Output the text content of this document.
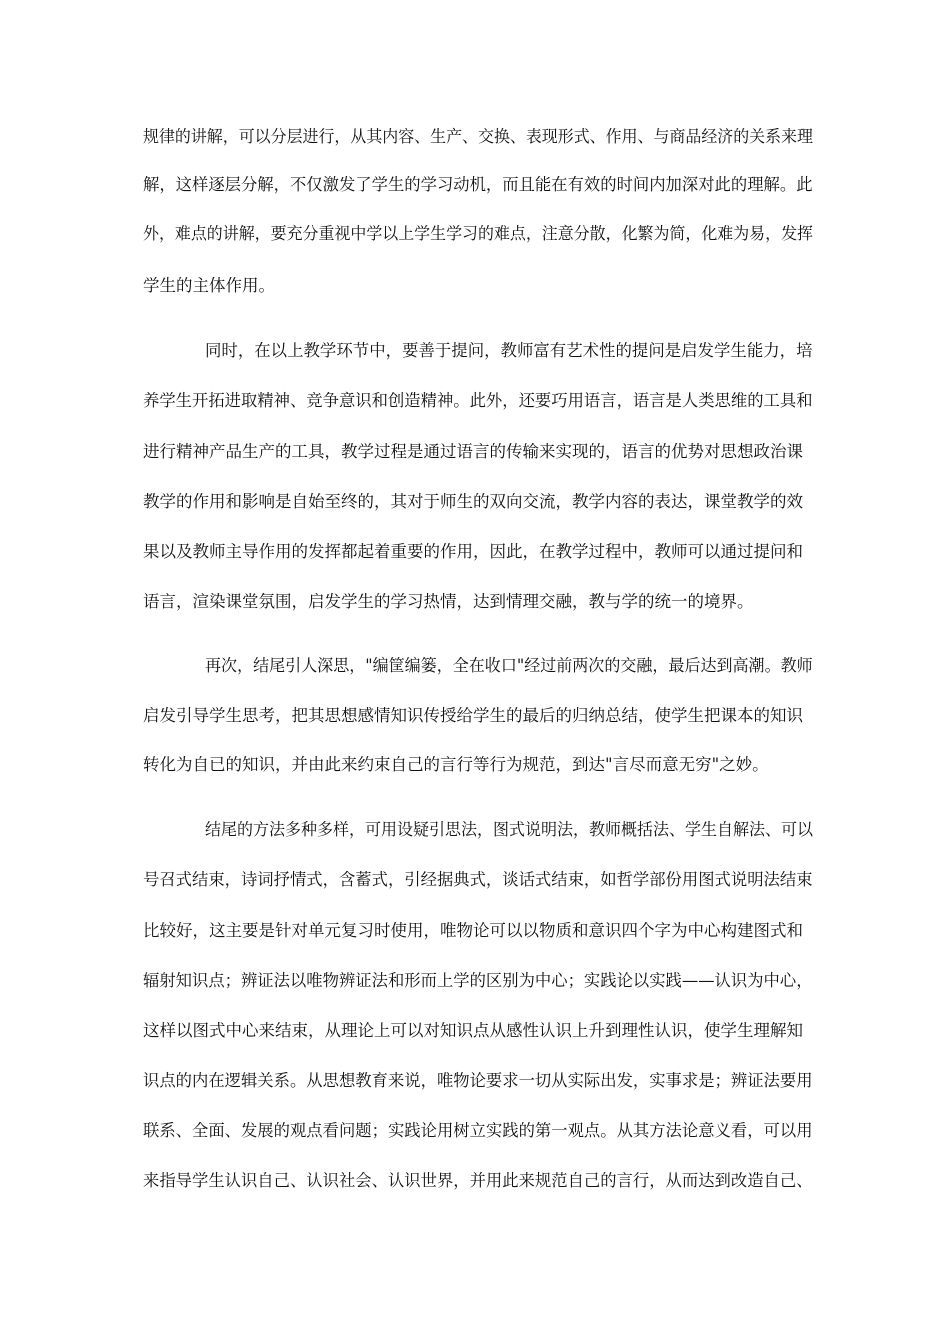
规律的讲解，可以分层进行，从其内容、生产、交换、表现形式、作用、与商品经济的关系来理
解，这样逐层分解，不仅激发了学生的学习动机，而且能在有效的时间内加深对此的理解。此
外，难点的讲解，要充分重视中学以上学生学习的难点，注意分散，化繁为简，化难为易，发挥
学生的主体作用。
同时，在以上教学环节中，要善于提问，教师富有艺术性的提问是启发学生能力，培
养学生开拓进取精神、竞争意识和创造精神。此外，还要巧用语言，语言是人类思维的工具和
进行精神产品生产的工具，教学过程是通过语言的传输来实现的，语言的优势对思想政治课
教学的作用和影响是自始至终的，其对于师生的双向交流，教学内容的表达，课堂教学的效
果以及教师主导作用的发挥都起着重要的作用，因此，在教学过程中，教师可以通过提问和
语言，渲染课堂氛围，启发学生的学习热情，达到情理交融，教与学的统一的境界。
再次，结尾引人深思，"编筐编篓，全在收口"经过前两次的交融，最后达到高潮。教师
启发引导学生思考，把其思想感情知识传授给学生的最后的归纳总结，使学生把课本的知识
转化为自已的知识，并由此来约束自己的言行等行为规范，到达"言尽而意无穷"之妙。
结尾的方法多种多样，可用设疑引思法，图式说明法，教师概括法、学生自解法、可以
号召式结束，诗词抒情式，含蓄式，引经据典式，谈话式结束，如哲学部份用图式说明法结束
比较好，这主要是针对单元复习时使用，唯物论可以以物质和意识四个字为中心构建图式和
辐射知识点；辨证法以唯物辨证法和形而上学的区别为中心；实践论以实践——认识为中心，
这样以图式中心来结束，从理论上可以对知识点从感性认识上升到理性认识，使学生理解知
识点的内在逻辑关系。从思想教育来说，唯物论要求一切从实际出发，实事求是；辨证法要用
联系、全面、发展的观点看问题；实践论用树立实践的第一观点。从其方法论意义看，可以用
来指导学生认识自己、认识社会、认识世界，并用此来规范自己的言行，从而达到改造自己、
